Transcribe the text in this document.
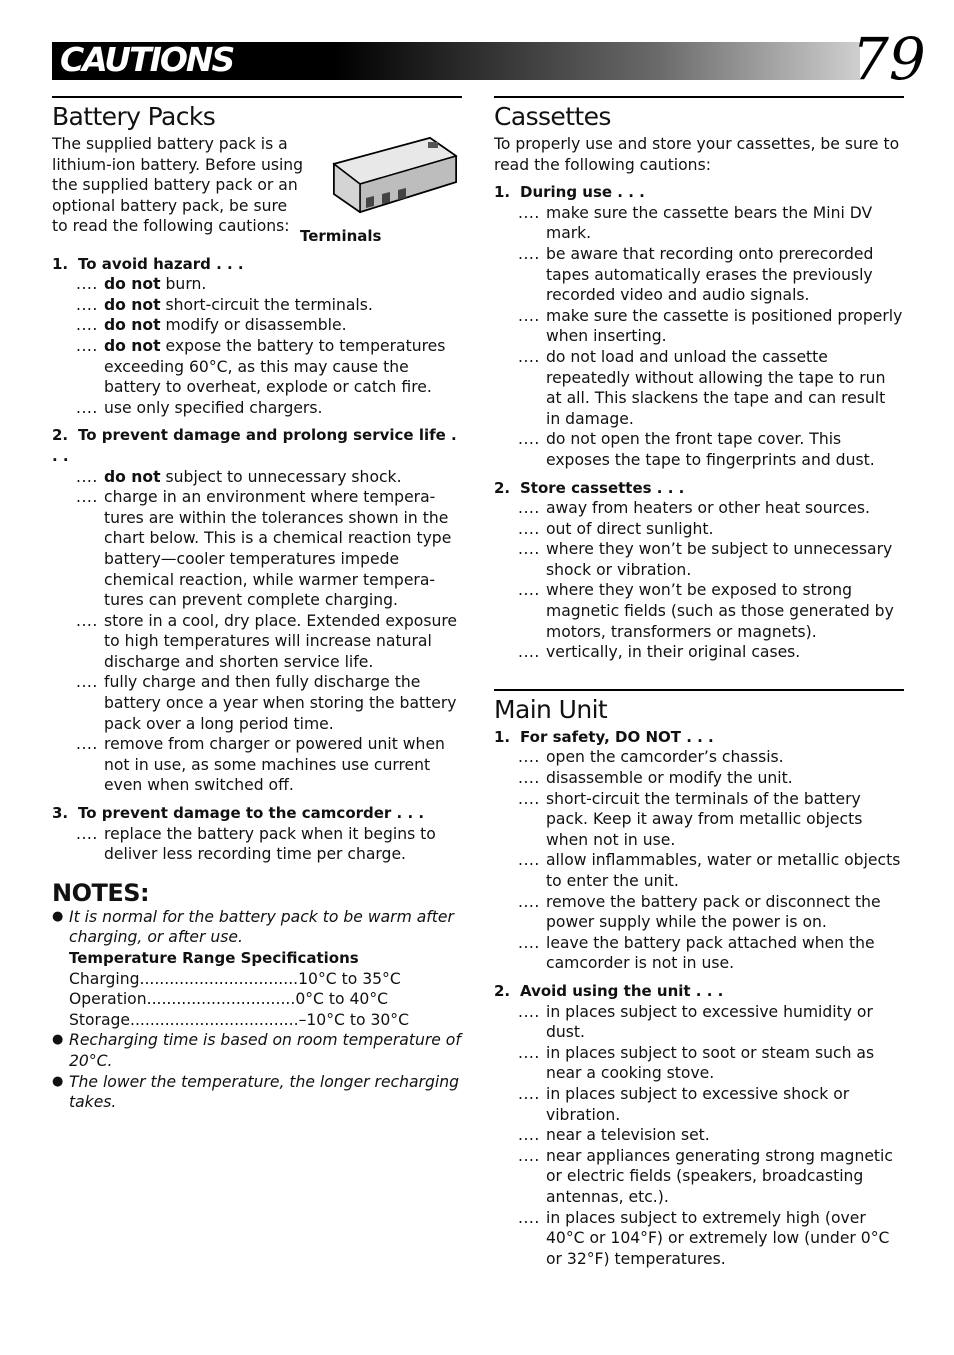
CAUTIONS	79
Battery Packs

The supplied battery pack is a lithium-ion battery. Before using the supplied battery pack or an optional battery pack, be sure to read the following cautions:

Terminals
1. To avoid hazard . . .
.... do not burn.
.... do not short-circuit the terminals.
.... do not modify or disassemble.
.... do not expose the battery to temperatures exceeding 60°C, as this may cause the battery to overheat, explode or catch fire.
.... use only specified chargers.
2. To prevent damage and prolong service life . . .
.... do not subject to unnecessary shock.
.... charge in an environment where tempera-tures are within the tolerances shown in the chart below. This is a chemical reaction type battery—cooler temperatures impede chemical reaction, while warmer tempera-tures can prevent complete charging.
.... store in a cool, dry place. Extended exposure to high temperatures will increase natural discharge and shorten service life.
.... fully charge and then fully discharge the battery once a year when storing the battery pack over a long period time.
.... remove from charger or powered unit when not in use, as some machines use current even when switched off.
3. To prevent damage to the camcorder . . .
.... replace the battery pack when it begins to deliver less recording time per charge.
NOTES:
● It is normal for the battery pack to be warm after charging, or after use.
Temperature Range Specifications
Charging ................................ 10°C to 35°C
Operation .............................. 0°C to 40°C
Storage .................................. –10°C to 30°C
● Recharging time is based on room temperature of 20°C.
● The lower the temperature, the longer recharging takes.
Cassettes

To properly use and store your cassettes, be sure to read the following cautions:

1. During use . . .
.... make sure the cassette bears the Mini DV mark.
.... be aware that recording onto prerecorded tapes automatically erases the previously recorded video and audio signals.
.... make sure the cassette is positioned properly when inserting.
.... do not load and unload the cassette repeatedly without allowing the tape to run at all. This slackens the tape and can result in damage.
.... do not open the front tape cover. This exposes the tape to fingerprints and dust.
2. Store cassettes . . .
.... away from heaters or other heat sources.
.... out of direct sunlight.
.... where they won’t be subject to unnecessary shock or vibration.
.... where they won’t be exposed to strong magnetic fields (such as those generated by motors, transformers or magnets).
.... vertically, in their original cases.
Main Unit
1. For safety, DO NOT . . .
.... open the camcorder’s chassis.
.... disassemble or modify the unit.
.... short-circuit the terminals of the battery pack. Keep it away from metallic objects when not in use.
.... allow inflammables, water or metallic objects to enter the unit.
.... remove the battery pack or disconnect the power supply while the power is on.
.... leave the battery pack attached when the camcorder is not in use.
2. Avoid using the unit . . .
.... in places subject to excessive humidity or dust.
.... in places subject to soot or steam such as near a cooking stove.
.... in places subject to excessive shock or vibration.
.... near a television set.
.... near appliances generating strong magnetic or electric fields (speakers, broadcasting antennas, etc.).
.... in places subject to extremely high (over 40°C or 104°F) or extremely low (under 0°C or 32°F) temperatures.
